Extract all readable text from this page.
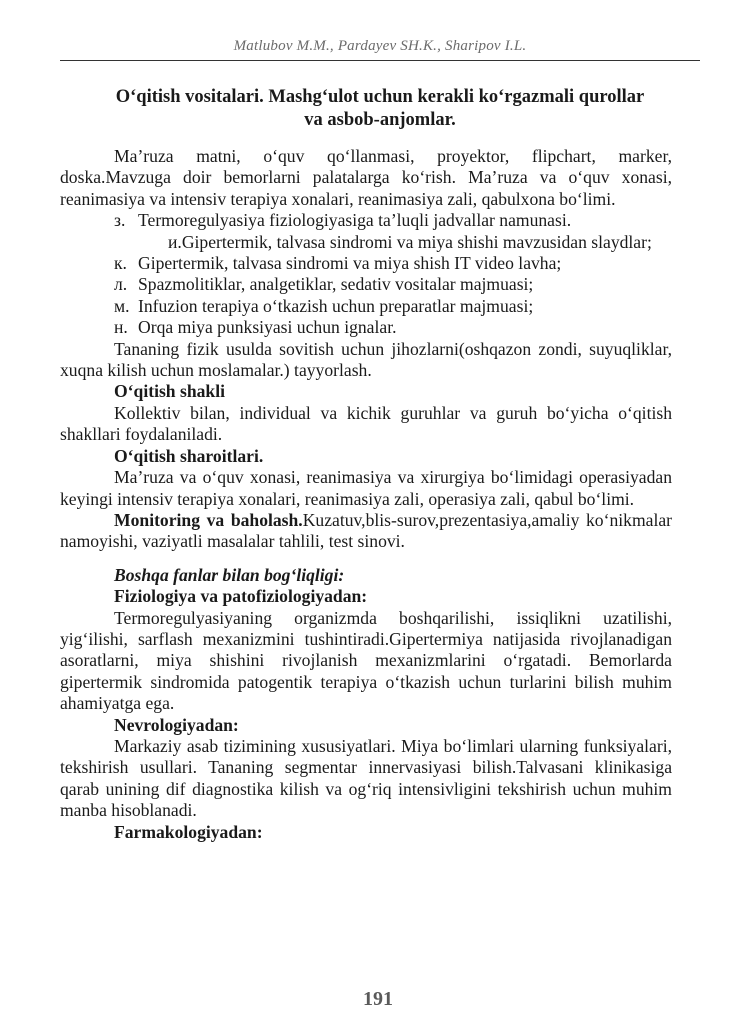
Matlubov M.M., Pardayev SH.K., Sharipov I.L.
O‘qitish vositalari. Mashg‘ulot uchun kerakli ko‘rgazmali qurollar
va asbob-anjomlar.

Ma’ruza matni, o‘quv qo‘llanmasi, proyektor, flipchart, marker, doska.Mavzuga doir bemorlarni palatalarga ko‘rish. Ma’ruza va o‘quv xonasi, reanimasiya va intensiv terapiya xonalari, reanimasiya zali, qabulxona bo‘limi.

з. Termoregulyasiya fiziologiyasiga ta’luqli jadvallar namunasi.

и.Gipertermik, talvasa sindromi va miya shishi mavzusidan slaydlar;

к. Gipertermik, talvasa sindromi va miya shish IT video lavha;

л. Spazmolitiklar, analgetiklar, sedativ vositalar majmuasi;

м. Infuzion terapiya o‘tkazish uchun preparatlar majmuasi;

н. Orqa miya punksiyasi uchun ignalar.

Tananing fizik usulda sovitish uchun jihozlarni(oshqazon zondi, suyuqliklar, xuqna kilish uchun moslamalar.) tayyorlash.

O‘qitish shakli

Kollektiv bilan, individual va kichik guruhlar va guruh bo‘yicha o‘qitish shakllari foydalaniladi.

O‘qitish sharoitlari.

Ma’ruza va o‘quv xonasi, reanimasiya va xirurgiya bo‘limidagi operasiyadan keyingi intensiv terapiya xonalari, reanimasiya zali, operasiya zali, qabul bo‘limi.

Monitoring va baholash.Kuzatuv,blis-surov,prezentasiya,amaliy ko‘nikmalar namoyishi, vaziyatli masalalar tahlili, test sinovi.

Boshqa fanlar bilan bog‘liqligi:

Fiziologiya va patofiziologiyadan:

Termoregulyasiyaning organizmda boshqarilishi, issiqlikni uzatilishi, yig‘ilishi, sarflash mexanizmini tushintiradi.Gipertermiya natijasida rivojlanadigan asoratlarni, miya shishini rivojlanish mexanizmlarini o‘rgatadi. Bemorlarda gipertermik sindromida patogentik terapiya o‘tkazish uchun turlarini bilish muhim ahamiyatga ega.

Nevrologiyadan:

Markaziy asab tizimining xususiyatlari. Miya bo‘limlari ularning funksiyalari, tekshirish usullari. Tananing segmentar innervasiyasi bilish.Talvasani klinikasiga qarab unining dif diagnostika kilish va og‘riq intensivligini tekshirish uchun muhim manba hisoblanadi.

Farmakologiyadan:

191
